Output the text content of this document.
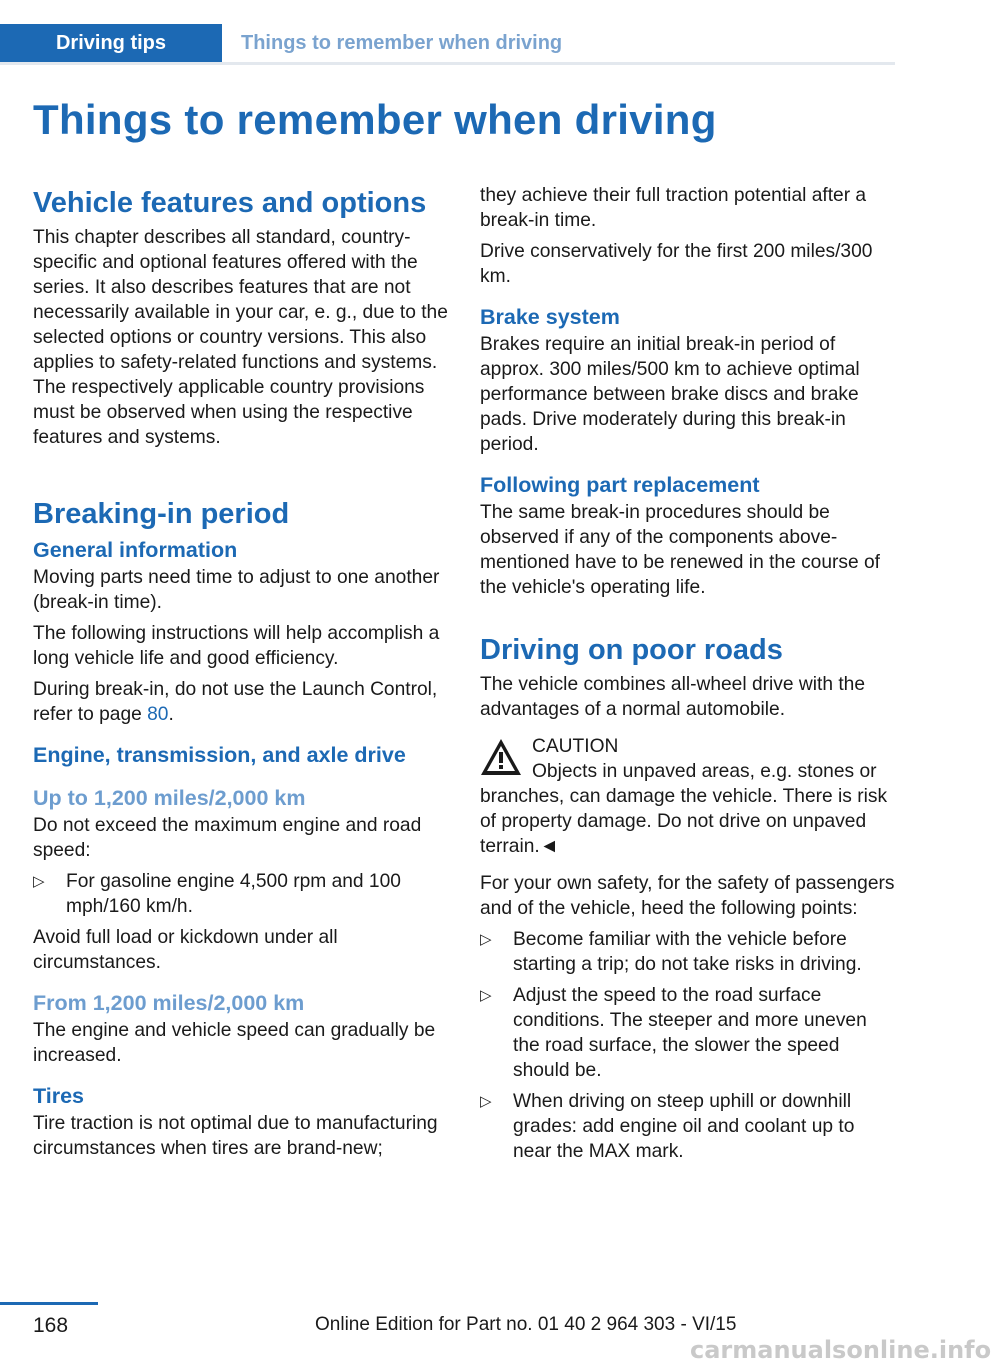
Driving tips	Things to remember when driving
Things to remember when driving
Vehicle features and options

This chapter describes all standard, country-specific and optional features offered with the series. It also describes features that are not necessarily available in your car, e. g., due to the selected options or country versions. This also applies to safety-related functions and systems. The respectively applicable country provisions must be observed when using the respective features and systems.

Breaking-in period
General information

Moving parts need time to adjust to one another (break-in time).

The following instructions will help accomplish a long vehicle life and good efficiency.

During break-in, do not use the Launch Control, refer to page 80.

Engine, transmission, and axle drive
Up to 1,200 miles/2,000 km

Do not exceed the maximum engine and road speed:

▷	For gasoline engine 4,500 rpm and 100 mph/160 km/h.

Avoid full load or kickdown under all circumstances.

From 1,200 miles/2,000 km

The engine and vehicle speed can gradually be increased.

Tires

Tire traction is not optimal due to manufacturing circumstances when tires are brand-new;

they achieve their full traction potential after a break-in time.

Drive conservatively for the first 200 miles/300 km.

Brake system

Brakes require an initial break-in period of approx. 300 miles/500 km to achieve optimal performance between brake discs and brake pads. Drive moderately during this break-in period.

Following part replacement

The same break-in procedures should be observed if any of the components above-mentioned have to be renewed in the course of the vehicle's operating life.

Driving on poor roads

The vehicle combines all-wheel drive with the advantages of a normal automobile.

CAUTION

Objects in unpaved areas, e.g. stones or branches, can damage the vehicle. There is risk of property damage. Do not drive on unpaved terrain.◄

For your own safety, for the safety of passengers and of the vehicle, heed the following points:

▷	Become familiar with the vehicle before starting a trip; do not take risks in driving.
▷	Adjust the speed to the road surface conditions. The steeper and more uneven the road surface, the slower the speed should be.
▷	When driving on steep uphill or downhill grades: add engine oil and coolant up to near the MAX mark.
168	Online Edition for Part no. 01 40 2 964 303 - VI/15
carmanualsonline.info
